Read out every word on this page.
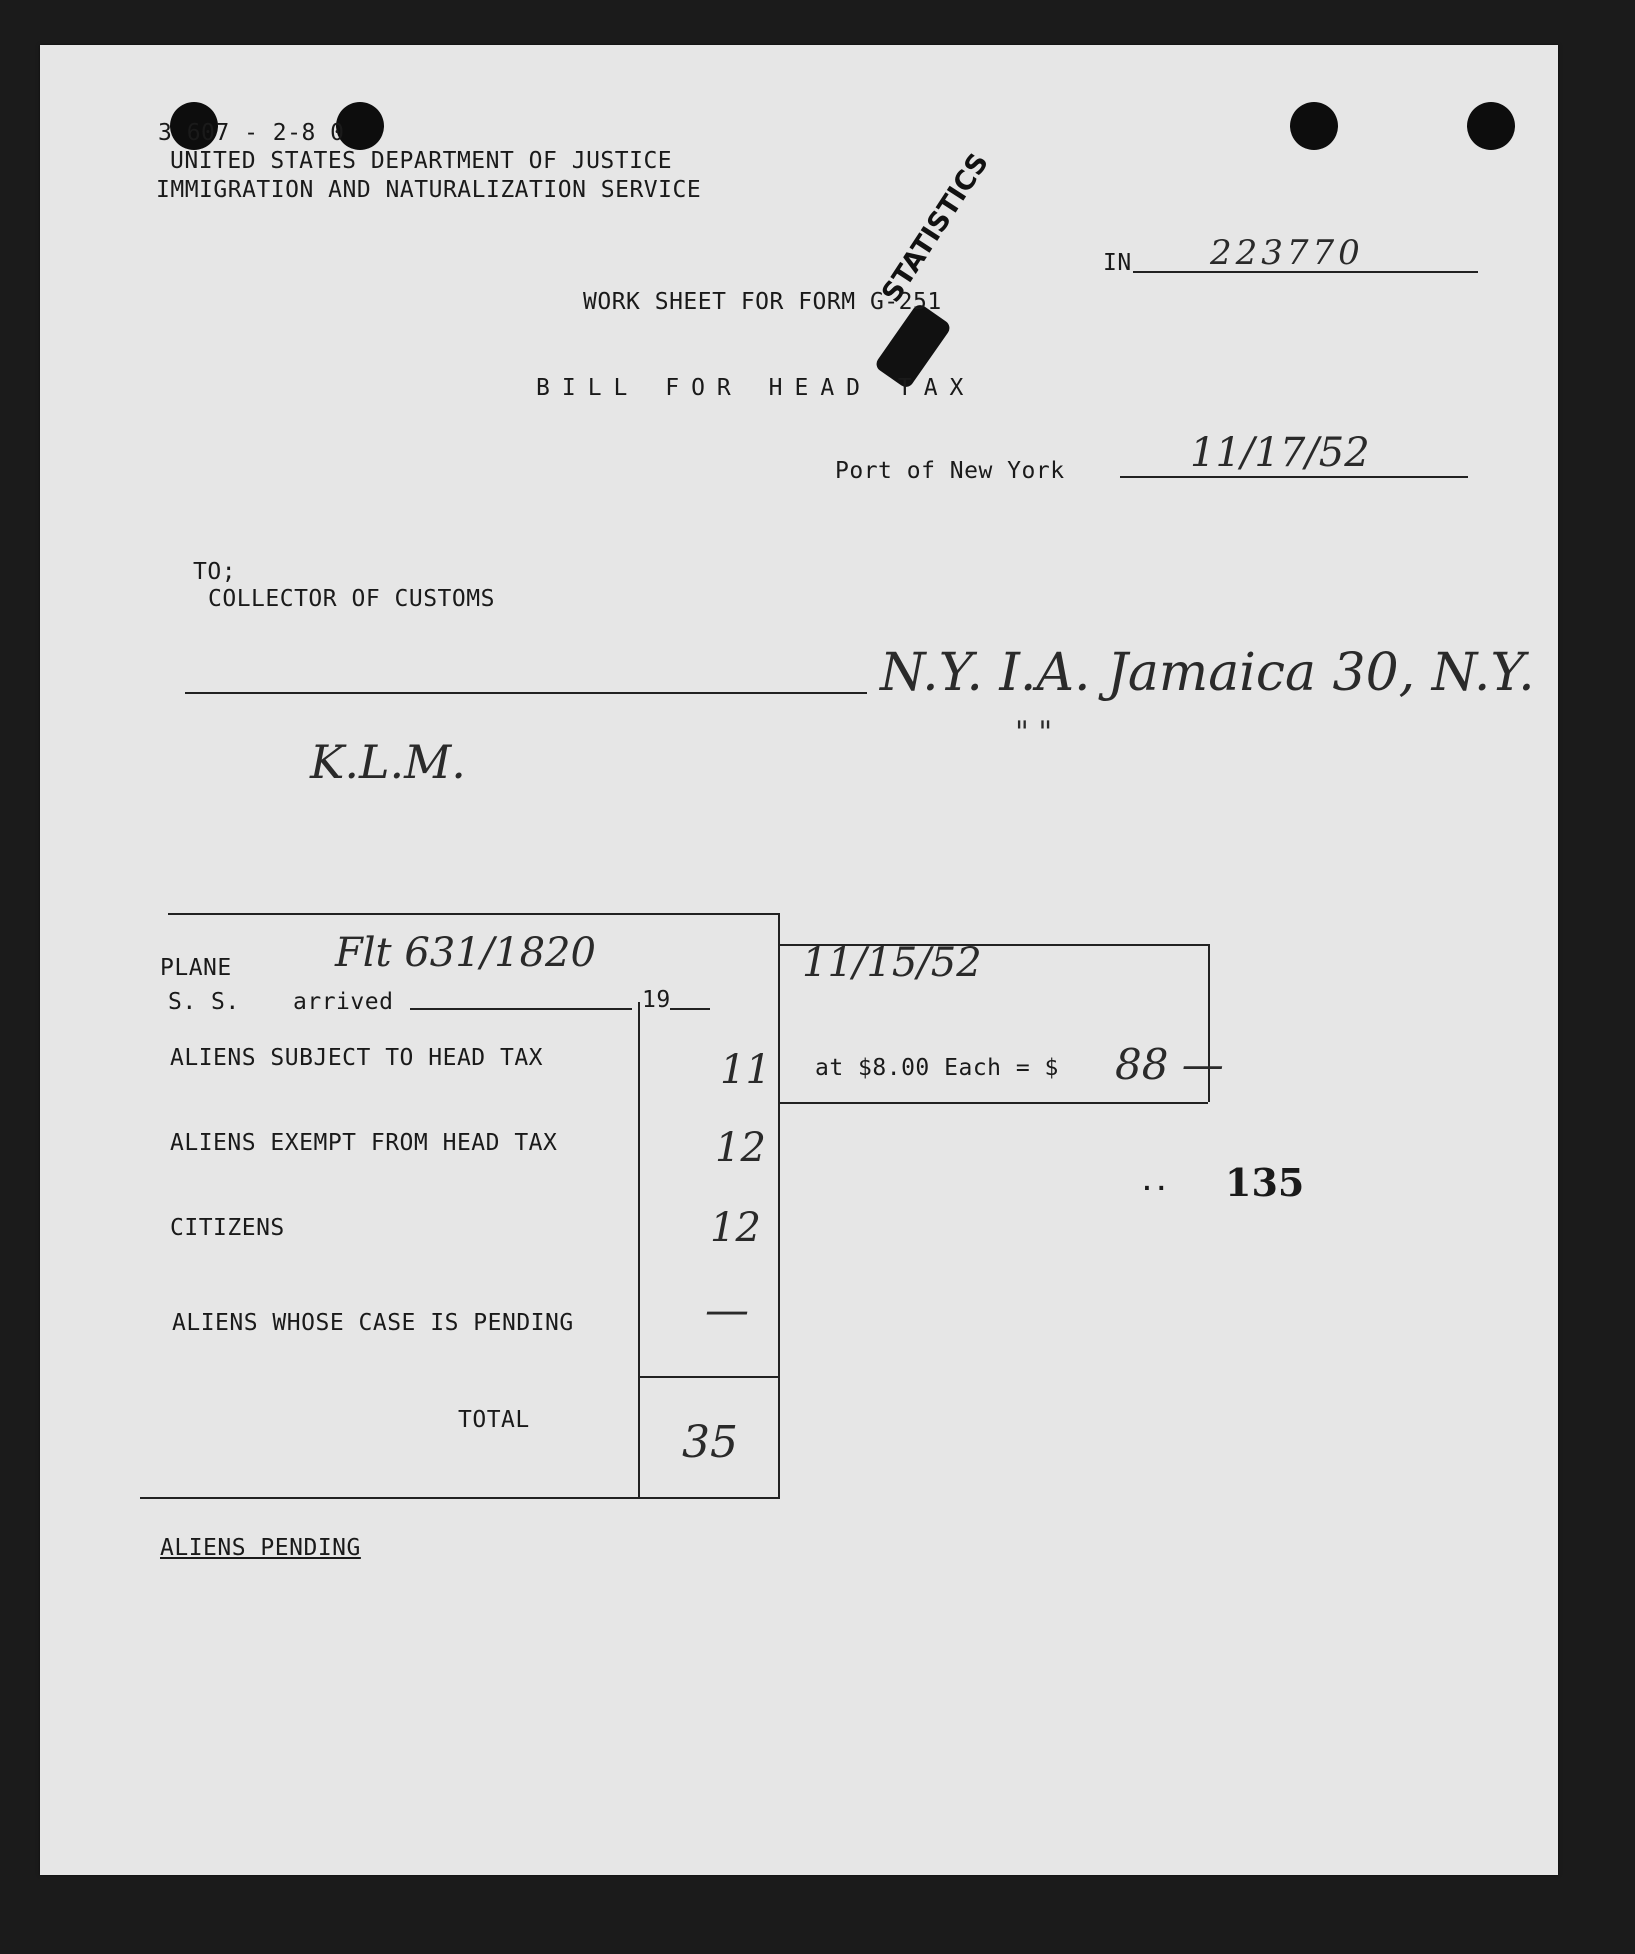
3 607 - 2-8 0
UNITED STATES DEPARTMENT OF JUSTICE
IMMIGRATION AND NATURALIZATION SERVICE	STATISTICS	IN 223770
WORK SHEET FOR FORM G-251
BILL FOR HEAD TAX
Port of New York	11/17/52
TO;
COLLECTOR OF CUSTOMS
N.Y. I.A. Jamaica 30, N.Y.
" "
K.L.M.
PLANE
S. S. arrived	19
Flt 631/1820	11/15/52
ALIENS SUBJECT TO HEAD TAX	11
ALIENS EXEMPT FROM HEAD TAX	12
CITIZENS	12
ALIENS WHOSE CASE IS PENDING	—
TOTAL	35
at $8.00 Each = $ 88 —
.. 135
ALIENS PENDING
